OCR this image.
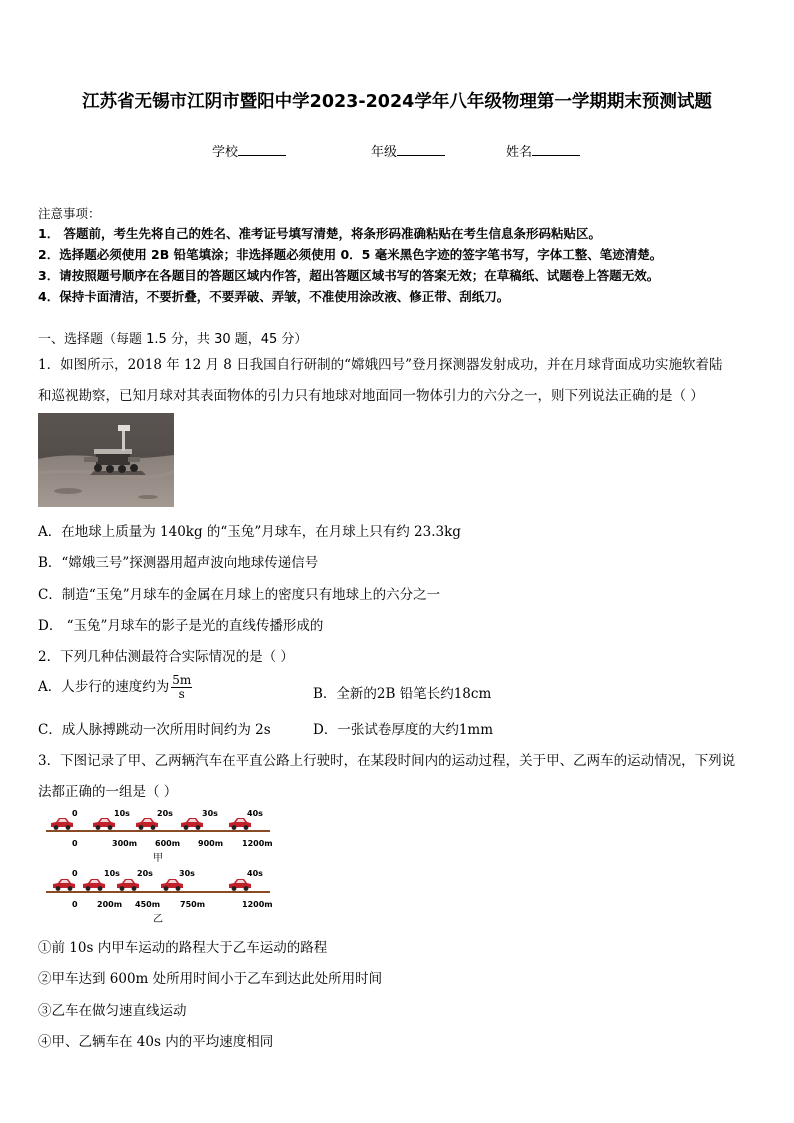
江苏省无锡市江阴市暨阳中学2023-2024学年八年级物理第一学期期末预测试题
学校	年级	姓名
注意事项：
1． 答题前，考生先将自己的姓名、准考证号填写清楚，将条形码准确粘贴在考生信息条形码粘贴区。
2．选择题必须使用 2B 铅笔填涂；非选择题必须使用 0．5 毫米黑色字迹的签字笔书写，字体工整、笔迹清楚。
3．请按照题号顺序在各题目的答题区域内作答，超出答题区域书写的答案无效；在草稿纸、试题卷上答题无效。
4．保持卡面清洁，不要折叠，不要弄破、弄皱，不准使用涂改液、修正带、刮纸刀。
一、选择题（每题 1.5 分，共 30 题，45 分）
1．如图所示，2018 年 12 月 8 日我国自行研制的“嫦娥四号”登月探测器发射成功，并在月球背面成功实施软着陆
和巡视勘察，已知月球对其表面物体的引力只有地球对地面同一物体引力的六分之一，则下列说法正确的是（ ）
A．在地球上质量为 140kg 的“玉兔”月球车，在月球上只有约 23.3kg
B．“嫦娥三号”探测器用超声波向地球传递信号
C．制造“玉兔”月球车的金属在月球上的密度只有地球上的六分之一
D． “玉兔”月球车的影子是光的直线传播形成的
2．下列几种估测最符合实际情况的是（ ）
A．人步行的速度约为 $\frac{5m}{s}$	B．全新的2B 铅笔长约18cm
C．成人脉搏跳动一次所用时间约为 2s	D．一张试卷厚度的大约1mm
3．下图记录了甲、乙两辆汽车在平直公路上行驶时，在某段时间内的运动过程，关于甲、乙两车的运动情况，下列说
法都正确的一组是（ ）
0	10s	20s	30s	40s
0	300m 600m 900m 1200m
甲
0	10s 20s	30s	40s
0 200m 450m 750m	1200m
乙
①前 10s 内甲车运动的路程大于乙车运动的路程
②甲车达到 600m 处所用时间小于乙车到达此处所用时间
③乙车在做匀速直线运动
④甲、乙辆车在 40s 内的平均速度相同
